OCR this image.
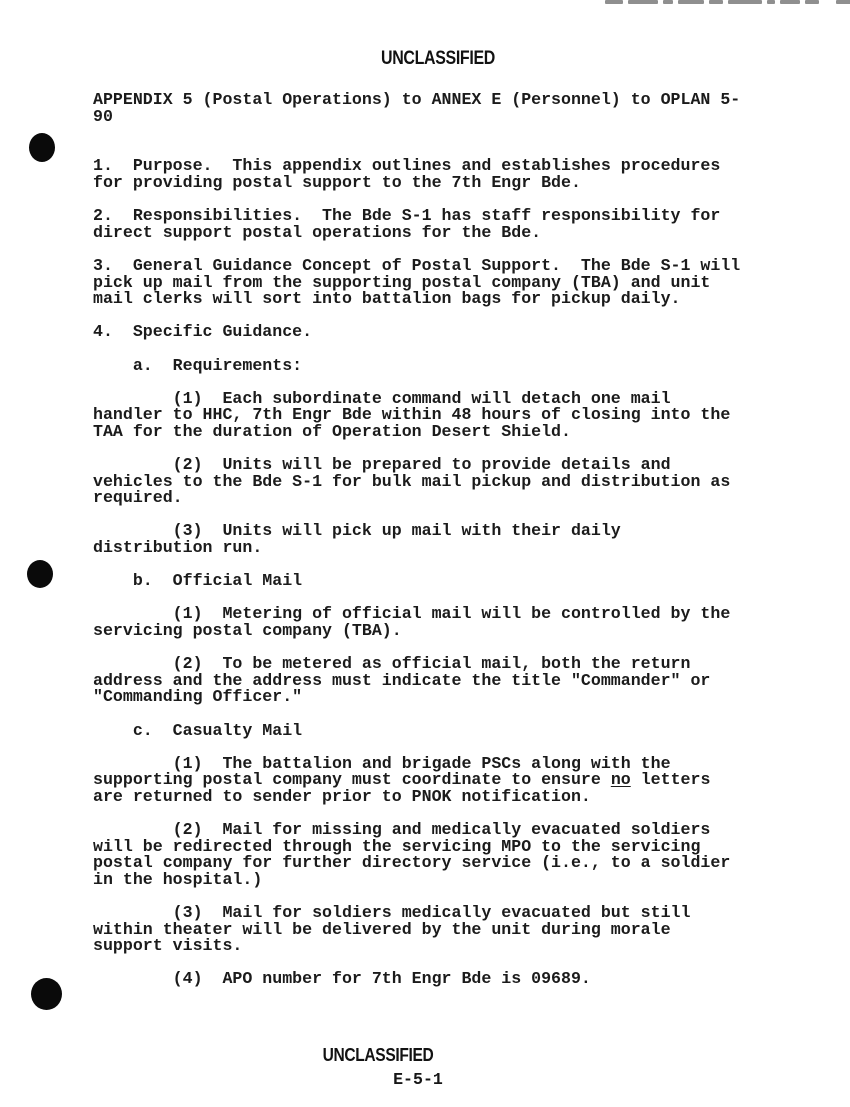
UNCLASSIFIED
APPENDIX 5 (Postal Operations) to ANNEX E (Personnel) to OPLAN 5-
90

1.  Purpose.  This appendix outlines and establishes procedures
for providing postal support to the 7th Engr Bde.

2.  Responsibilities.  The Bde S-1 has staff responsibility for
direct support postal operations for the Bde.

3.  General Guidance Concept of Postal Support.  The Bde S-1 will
pick up mail from the supporting postal company (TBA) and unit
mail clerks will sort into battalion bags for pickup daily.

4.  Specific Guidance.

a.  Requirements:

(1)  Each subordinate command will detach one mail
handler to HHC, 7th Engr Bde within 48 hours of closing into the
TAA for the duration of Operation Desert Shield.

(2)  Units will be prepared to provide details and
vehicles to the Bde S-1 for bulk mail pickup and distribution as
required.

(3)  Units will pick up mail with their daily
distribution run.

b.  Official Mail

(1)  Metering of official mail will be controlled by the
servicing postal company (TBA).

(2)  To be metered as official mail, both the return
address and the address must indicate the title "Commander" or
"Commanding Officer."

c.  Casualty Mail

(1)  The battalion and brigade PSCs along with the
supporting postal company must coordinate to ensure no letters
are returned to sender prior to PNOK notification.

(2)  Mail for missing and medically evacuated soldiers
will be redirected through the servicing MPO to the servicing
postal company for further directory service (i.e., to a soldier
in the hospital.)

(3)  Mail for soldiers medically evacuated but still
within theater will be delivered by the unit during morale
support visits.

(4)  APO number for 7th Engr Bde is 09689.
UNCLASSIFIED
E-5-1
